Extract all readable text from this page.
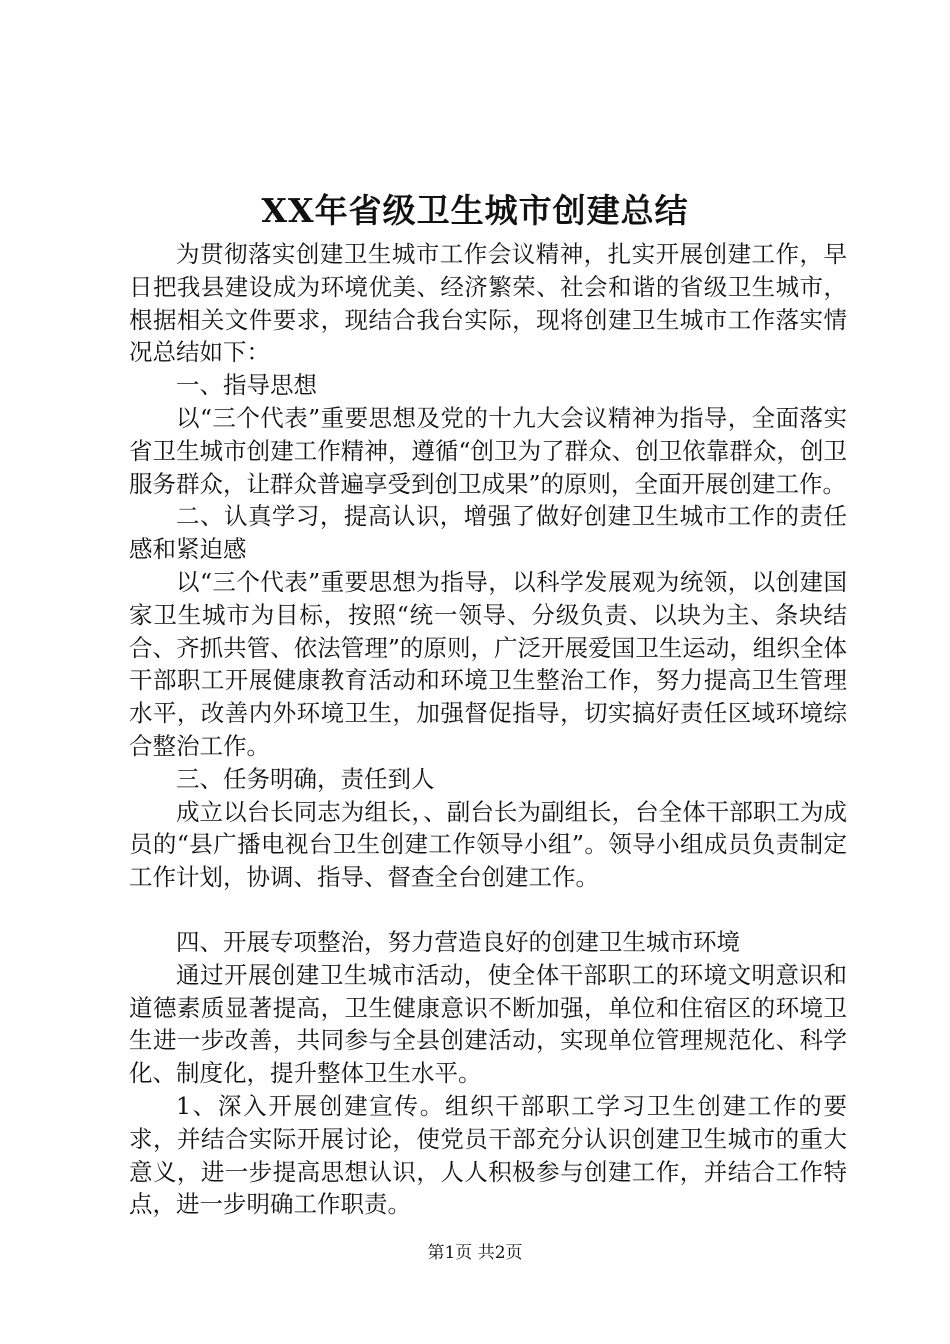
XX年省级卫生城市创建总结

为贯彻落实创建卫生城市工作会议精神，扎实开展创建工作，早日把我县建设成为环境优美、经济繁荣、社会和谐的省级卫生城市，根据相关文件要求，现结合我台实际，现将创建卫生城市工作落实情况总结如下：

一、指导思想

以“三个代表”重要思想及党的十九大会议精神为指导，全面落实省卫生城市创建工作精神，遵循“创卫为了群众、创卫依靠群众，创卫服务群众，让群众普遍享受到创卫成果”的原则，全面开展创建工作。

二、认真学习，提高认识，增强了做好创建卫生城市工作的责任感和紧迫感

以“三个代表”重要思想为指导，以科学发展观为统领，以创建国家卫生城市为目标，按照“统一领导、分级负责、以块为主、条块结合、齐抓共管、依法管理”的原则，广泛开展爱国卫生运动，组织全体干部职工开展健康教育活动和环境卫生整治工作，努力提高卫生管理水平，改善内外环境卫生，加强督促指导，切实搞好责任区域环境综合整治工作。

三、任务明确，责任到人

成立以台长同志为组长，、副台长为副组长，台全体干部职工为成员的“县广播电视台卫生创建工作领导小组”。领导小组成员负责制定工作计划，协调、指导、督查全台创建工作。

四、开展专项整治，努力营造良好的创建卫生城市环境

通过开展创建卫生城市活动，使全体干部职工的环境文明意识和道德素质显著提高，卫生健康意识不断加强，单位和住宿区的环境卫生进一步改善，共同参与全县创建活动，实现单位管理规范化、科学化、制度化，提升整体卫生水平。

1、深入开展创建宣传。组织干部职工学习卫生创建工作的要求，并结合实际开展讨论，使党员干部充分认识创建卫生城市的重大意义，进一步提高思想认识，人人积极参与创建工作，并结合工作特点，进一步明确工作职责。

第1页 共2页
